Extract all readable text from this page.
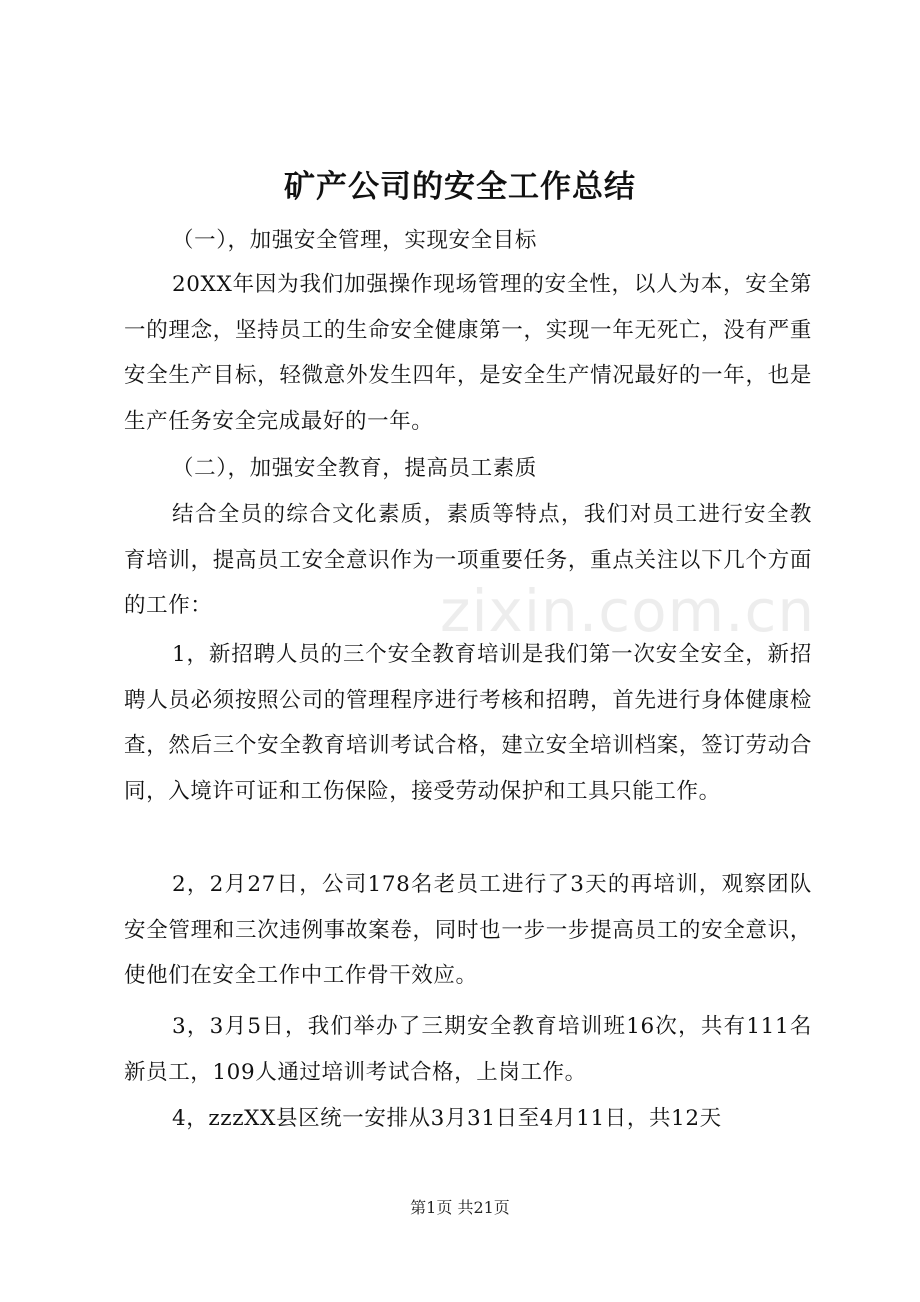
矿产公司的安全工作总结

（一），加强安全管理，实现安全目标

20XX年因为我们加强操作现场管理的安全性，以人为本，安全第一的理念，坚持员工的生命安全健康第一，实现一年无死亡，没有严重安全生产目标，轻微意外发生四年，是安全生产情况最好的一年，也是生产任务安全完成最好的一年。

（二），加强安全教育，提高员工素质

结合全员的综合文化素质，素质等特点，我们对员工进行安全教育培训，提高员工安全意识作为一项重要任务，重点关注以下几个方面的工作：

1，新招聘人员的三个安全教育培训是我们第一次安全安全，新招聘人员必须按照公司的管理程序进行考核和招聘，首先进行身体健康检查，然后三个安全教育培训考试合格，建立安全培训档案，签订劳动合同，入境许可证和工伤保险，接受劳动保护和工具只能工作。

2，2月27日，公司178名老员工进行了3天的再培训，观察团队安全管理和三次违例事故案卷，同时也一步一步提高员工的安全意识，使他们在安全工作中工作骨干效应。

3，3月5日，我们举办了三期安全教育培训班16次，共有111名新员工，109人通过培训考试合格，上岗工作。

4，zzzXX县区统一安排从3月31日至4月11日，共12天

zixin.com.cn
第1页 共21页
